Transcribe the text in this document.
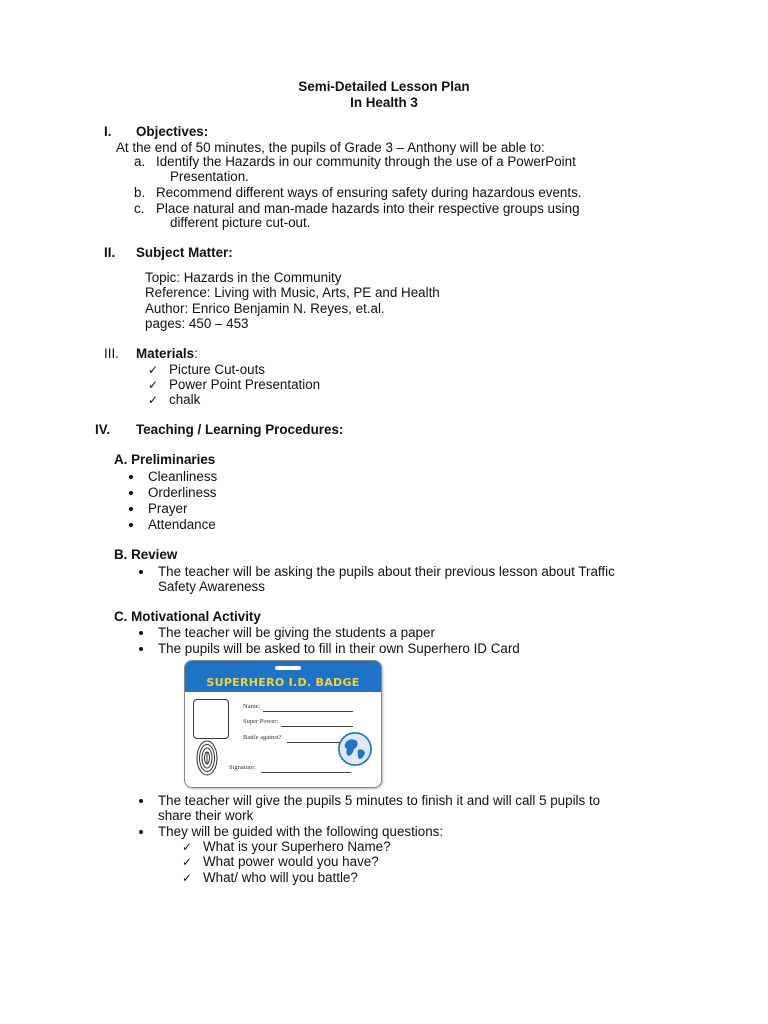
Semi-Detailed Lesson Plan
In Health 3
I. Objectives:
At the end of 50 minutes, the pupils of Grade 3 – Anthony will be able to:
a. Identify the Hazards in our community through the use of a PowerPoint
Presentation.
b. Recommend different ways of ensuring safety during hazardous events.
c. Place natural and man-made hazards into their respective groups using
different picture cut-out.
II. Subject Matter:
Topic: Hazards in the Community
Reference: Living with Music, Arts, PE and Health
Author: Enrico Benjamin N. Reyes, et.al.
pages: 450 – 453
III. Materials:
✓ Picture Cut-outs
✓ Power Point Presentation
✓ chalk
IV. Teaching / Learning Procedures:
A. Preliminaries
Cleanliness
Orderliness
Prayer
Attendance
B. Review
The teacher will be asking the pupils about their previous lesson about Traffic
Safety Awareness
C. Motivational Activity
The teacher will be giving the students a paper
The pupils will be asked to fill in their own Superhero ID Card
SUPERHERO I.D. BADGE
Name:
Super Power:
Battle against?
Signature:
The teacher will give the pupils 5 minutes to finish it and will call 5 pupils to
share their work
They will be guided with the following questions:
✓ What is your Superhero Name?
✓ What power would you have?
✓ What/ who will you battle?
